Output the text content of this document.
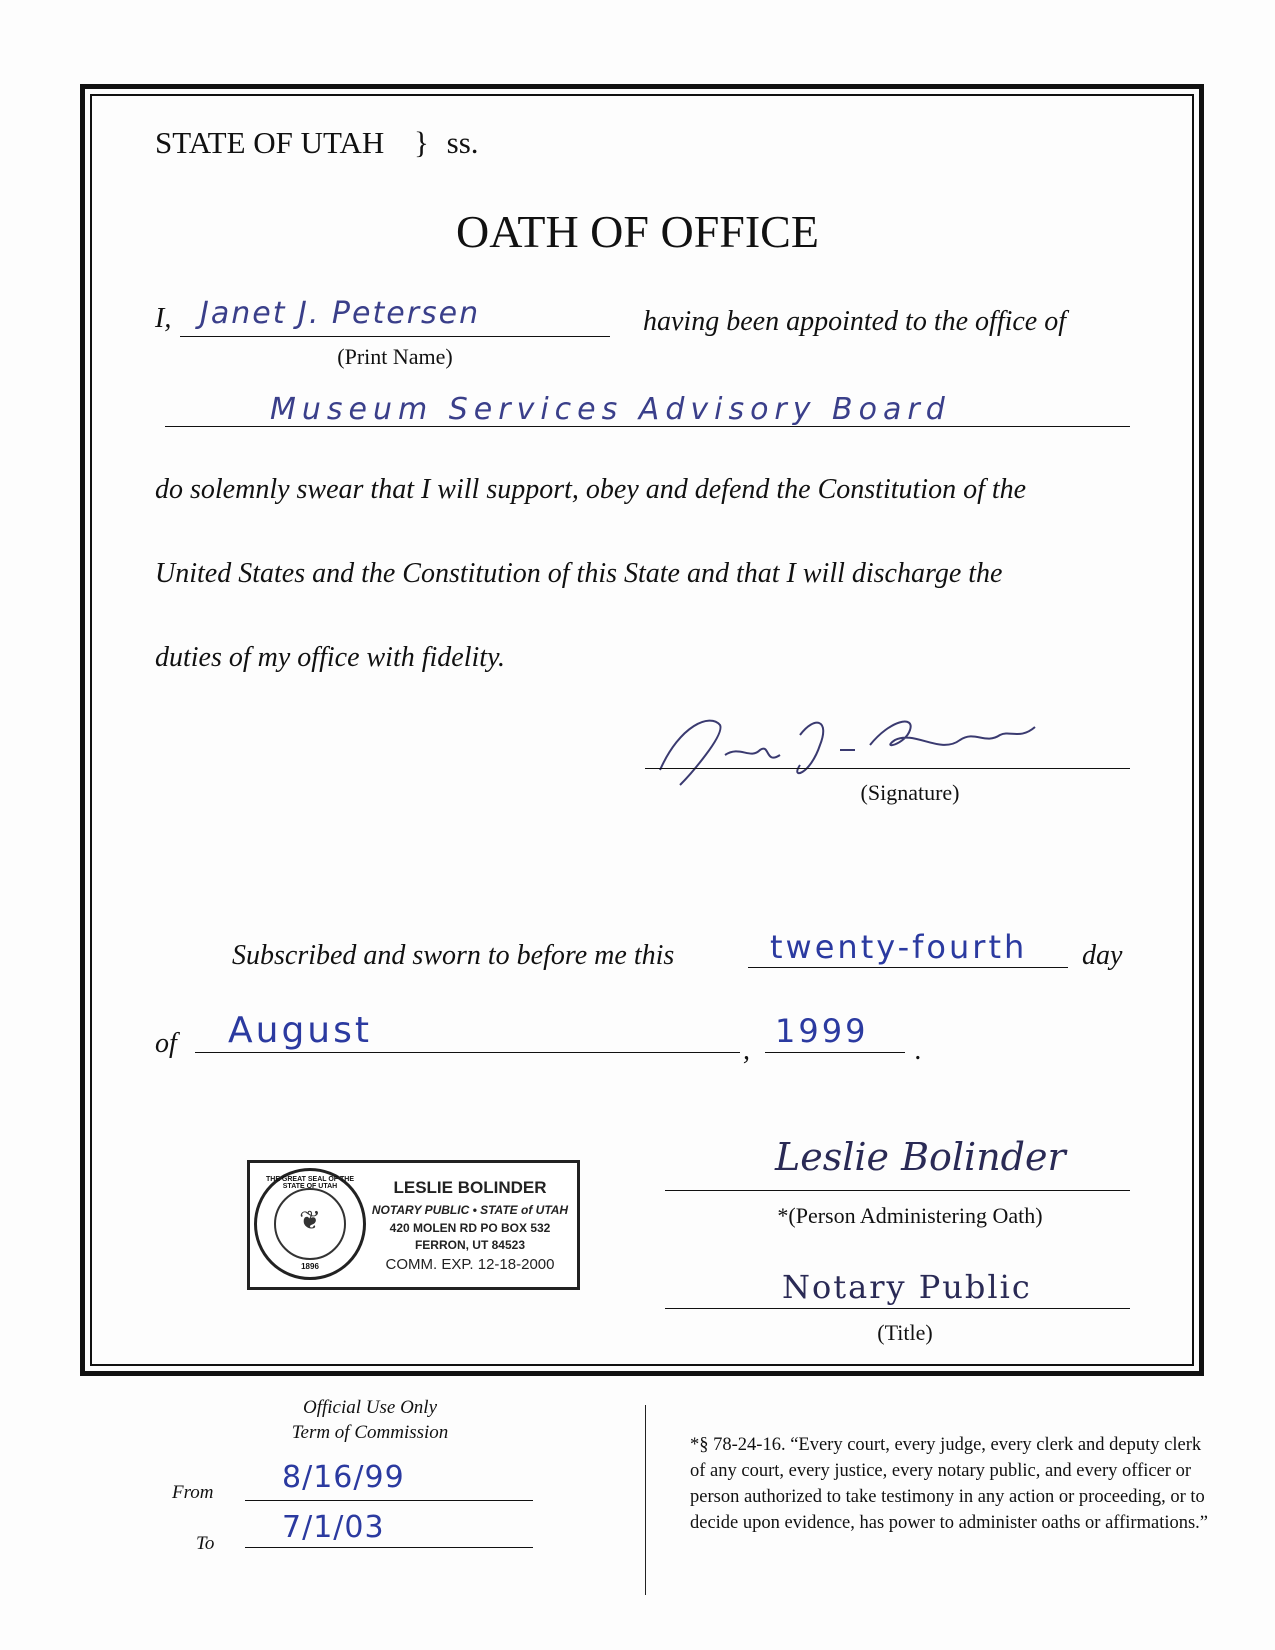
STATE OF UTAH } ss.
OATH OF OFFICE
I, Janet J. Petersen
(Print Name)
having been appointed to the office of
Museum Services Advisory Board
do solemnly swear that I will support, obey and defend the Constitution of the
United States and the Constitution of this State and that I will discharge the
duties of my office with fidelity.
(Signature)
Subscribed and sworn to before me this	twenty-fourth day
of August	,
1999
.
❦
THE GREAT SEAL OF THE STATE OF UTAH
1896
LESLIE BOLINDER
NOTARY PUBLIC • STATE of UTAH
420 MOLEN RD PO BOX 532
FERRON, UT 84523
COMM. EXP. 12-18-2000
Leslie Bolinder
*(Person Administering Oath)
Notary Public
(Title)
Official Use Only
Term of Commission
From 8/16/99
To 7/1/03
*§ 78-24-16. “Every court, every judge, every clerk and deputy clerk of any court, every justice, every notary public, and every officer or person authorized to take testimony in any action or proceeding, or to decide upon evidence, has power to administer oaths or affirmations.”
